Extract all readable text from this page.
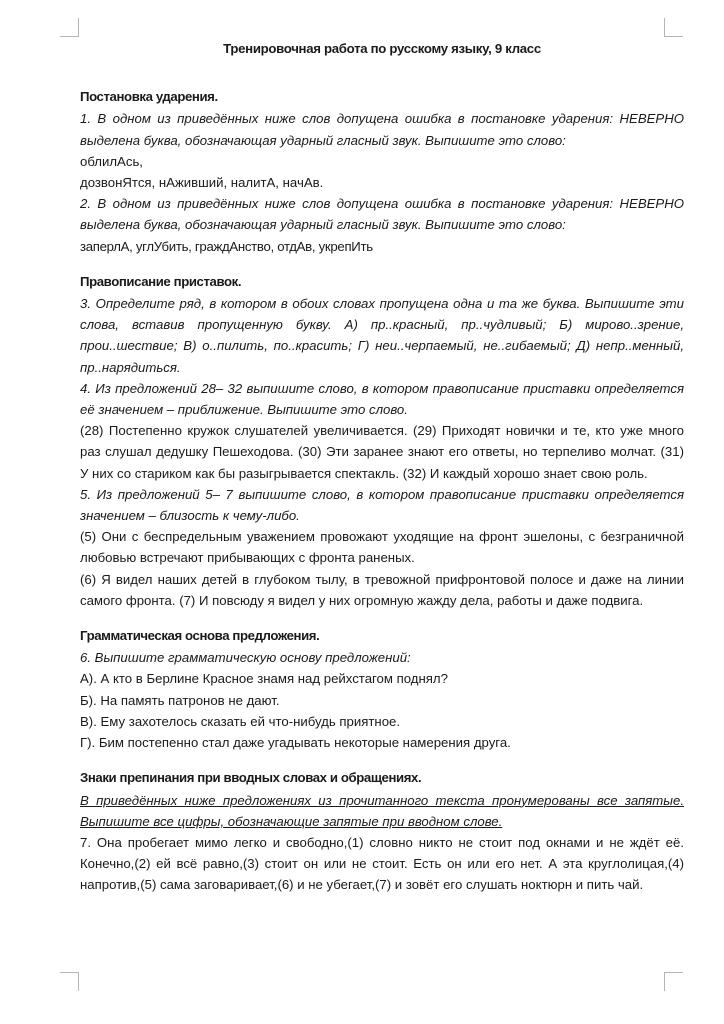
Тренировочная работа по русскому языку, 9 класс
Постановка ударения.

1. В одном из приведённых ниже слов допущена ошибка в постановке ударения: НЕВЕРНО выделена буква, обозначающая ударный гласный звук. Выпишите это слово:

облилАсь,

дозвонЯтся, нАживший, налитА, начАв.

2. В одном из приведённых ниже слов допущена ошибка в постановке ударения: НЕВЕРНО выделена буква, обозначающая ударный гласный звук. Выпишите это слово:

заперлА, углУбить, граждАнство, отдАв, укрепИть

Правописание приставок.

3. Определите ряд, в котором в обоих словах пропущена одна и та же буква. Выпишите эти слова, вставив пропущенную букву. А) пр..красный, пр..чудливый; Б) мирово..зрение, прои..шествие; В) о..пилить, по..красить; Г) неи..черпаемый, не..гибаемый; Д) непр..менный, пр..нарядиться.

4. Из предложений 28– 32 выпишите слово, в котором правописание приставки определяется её значением – приближение. Выпишите это слово.

(28) Постепенно кружок слушателей увеличивается. (29) Приходят новички и те, кто уже много раз слушал дедушку Пешеходова. (30) Эти заранее знают его ответы, но терпеливо молчат. (31) У них со стариком как бы разыгрывается спектакль. (32) И каждый хорошо знает свою роль.

5. Из предложений 5– 7 выпишите слово, в котором правописание приставки определяется значением – близость к чему-либо.

(5) Они с беспредельным уважением провожают уходящие на фронт эшелоны, с безграничной любовью встречают прибывающих с фронта раненых.

(6) Я видел наших детей в глубоком тылу, в тревожной прифронтовой полосе и даже на линии самого фронта. (7) И повсюду я видел у них огромную жажду дела, работы и даже подвига.

Грамматическая основа предложения.

6. Выпишите грамматическую основу предложений:

А). А кто в Берлине Красное знамя над рейхстагом поднял?

Б). На память патронов не дают.

В). Ему захотелось сказать ей что-нибудь приятное.

Г). Бим постепенно стал даже угадывать некоторые намерения друга.

Знаки препинания при вводных словах и обращениях.

В приведённых ниже предложениях из прочитанного текста пронумерованы все запятые. Выпишите все цифры, обозначающие запятые при вводном слове.

7. Она пробегает мимо легко и свободно,(1) словно никто не стоит под окнами и не ждёт её. Конечно,(2) ей всё равно,(3) стоит он или не стоит. Есть он или его нет. А эта круглолицая,(4) напротив,(5) сама заговаривает,(6) и не убегает,(7) и зовёт его слушать ноктюрн и пить чай.
